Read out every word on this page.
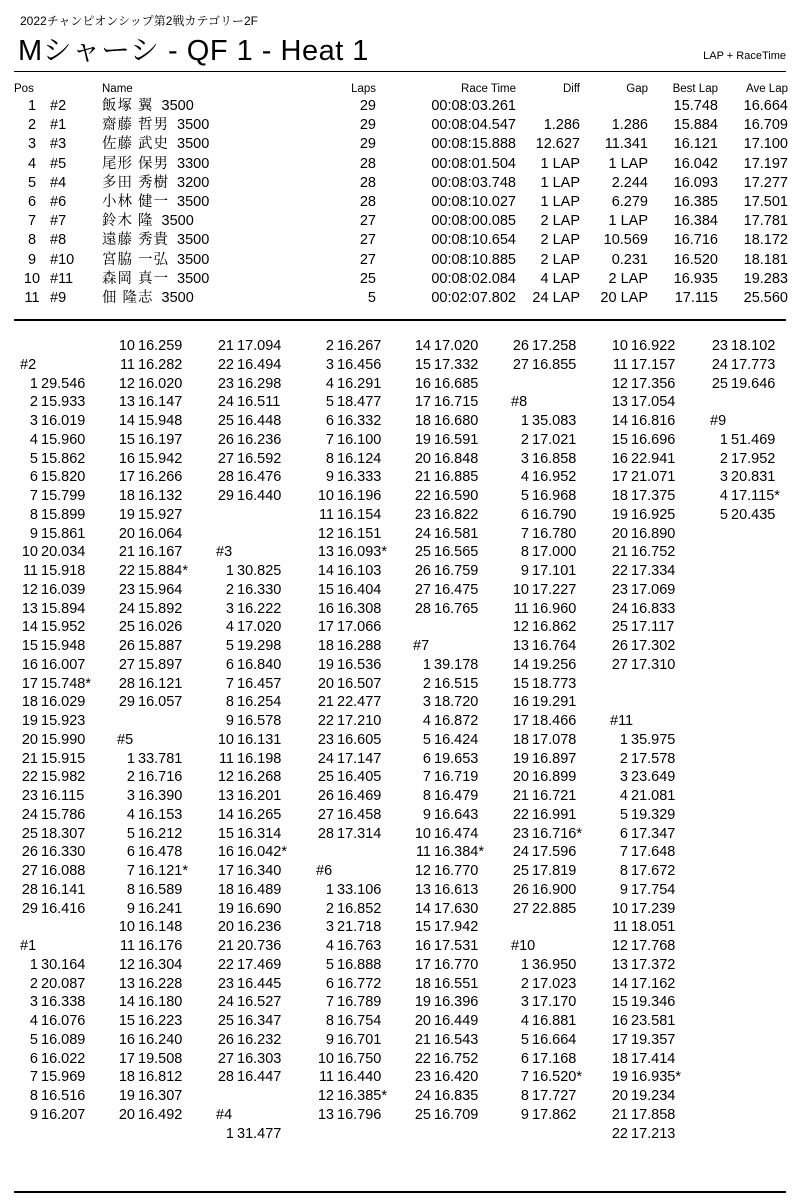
2022チャンピオンシップ第2戦カテゴリー2F
Mシャーシ - QF 1 - Heat 1	LAP + RaceTime
Pos		Name	Laps	Race Time	Diff	Gap	Best Lap	Ave Lap
1	#2	飯塚 翼 3500	29	00:08:03.261			15.748	16.664
2	#1	齋藤 哲男 3500	29	00:08:04.547	1.286	1.286	15.884	16.709
3	#3	佐藤 武史 3500	29	00:08:15.888	12.627	11.341	16.121	17.100
4	#5	尾形 保男 3300	28	00:08:01.504	1 LAP	1 LAP	16.042	17.197
5	#4	多田 秀樹 3200	28	00:08:03.748	1 LAP	2.244	16.093	17.277
6	#6	小林 健一 3500	28	00:08:10.027	1 LAP	6.279	16.385	17.501
7	#7	鈴木 隆 3500	27	00:08:00.085	2 LAP	1 LAP	16.384	17.781
8	#8	遠藤 秀貴 3500	27	00:08:10.654	2 LAP	10.569	16.716	18.172
9	#10	宮脇 一弘 3500	27	00:08:10.885	2 LAP	0.231	16.520	18.181
10	#11	森岡 真一 3500	25	00:08:02.084	4 LAP	2 LAP	16.935	19.283
11	#9	佃 隆志 3500	5	00:02:07.802	24 LAP	20 LAP	17.115	25.560

#2
1 29.546
2 15.933
3 16.019
4 15.960
5 15.862
6 15.820
7 15.799
8 15.899
9 15.861
10 20.034
11 15.918
12 16.039
13 15.894
14 15.952
15 15.948
16 16.007
17 15.748*
18 16.029
19 15.923
20 15.990
21 15.915
22 15.982
23 16.115
24 15.786
25 18.307
26 16.330
27 16.088
28 16.141
29 16.416

#1
1 30.164
2 20.087
3 16.338
4 16.076
5 16.089
6 16.022
7 15.969
8 16.516
9 16.207
10 16.259
11 16.282
12 16.020
13 16.147
14 15.948
15 16.197
16 15.942
17 16.266
18 16.132
19 15.927
20 16.064
21 16.167
22 15.884*
23 15.964
24 15.892
25 16.026
26 15.887
27 15.897
28 16.121
29 16.057

#5
1 33.781
2 16.716
3 16.390
4 16.153
5 16.212
6 16.478
7 16.121*
8 16.589
9 16.241
10 16.148
11 16.176
12 16.304
13 16.228
14 16.180
15 16.223
16 16.240
17 19.508
18 16.812
19 16.307
20 16.492
21 17.094
22 16.494
23 16.298
24 16.511
25 16.448
26 16.236
27 16.592
28 16.476
29 16.440

#3
1 30.825
2 16.330
3 16.222
4 17.020
5 19.298
6 16.840
7 16.457
8 16.254
9 16.578
10 16.131
11 16.198
12 16.268
13 16.201
14 16.265
15 16.314
16 16.042*
17 16.340
18 16.489
19 16.690
20 16.236
21 20.736
22 17.469
23 16.445
24 16.527
25 16.347
26 16.232
27 16.303
28 16.447

#4
1 31.477
2 16.267
3 16.456
4 16.291
5 18.477
6 16.332
7 16.100
8 16.124
9 16.333
10 16.196
11 16.154
12 16.151
13 16.093*
14 16.103
15 16.404
16 16.308
17 17.066
18 16.288
19 16.536
20 16.507
21 22.477
22 17.210
23 16.605
24 17.147
25 16.405
26 16.469
27 16.458
28 17.314

#6
1 33.106
2 16.852
3 21.718
4 16.763
5 16.888
6 16.772
7 16.789
8 16.754
9 16.701
10 16.750
11 16.440
12 16.385*
13 16.796
14 17.020
15 17.332
16 16.685
17 16.715
18 16.680
19 16.591
20 16.848
21 16.885
22 16.590
23 16.822
24 16.581
25 16.565
26 16.759
27 16.475
28 16.765

#7
1 39.178
2 16.515
3 18.720
4 16.872
5 16.424
6 19.653
7 16.719
8 16.479
9 16.643
10 16.474
11 16.384*
12 16.770
13 16.613
14 17.630
15 17.942
16 17.531
17 16.770
18 16.551
19 16.396
20 16.449
21 16.543
22 16.752
23 16.420
24 16.835
25 16.709
26 17.258
27 16.855

#8
1 35.083
2 17.021
3 16.858
4 16.952
5 16.968
6 16.790
7 16.780
8 17.000
9 17.101
10 17.227
11 16.960
12 16.862
13 16.764
14 19.256
15 18.773
16 19.291
17 18.466
18 17.078
19 16.897
20 16.899
21 16.721
22 16.991
23 16.716*
24 17.596
25 17.819
26 16.900
27 22.885

#10
1 36.950
2 17.023
3 17.170
4 16.881
5 16.664
6 17.168
7 16.520*
8 17.727
9 17.862
10 16.922
11 17.157
12 17.356
13 17.054
14 16.816
15 16.696
16 22.941
17 21.071
18 17.375
19 16.925
20 16.890
21 16.752
22 17.334
23 17.069
24 16.833
25 17.117
26 17.302
27 17.310

#11
1 35.975
2 17.578
3 23.649
4 21.081
5 19.329
6 17.347
7 17.648
8 17.672
9 17.754
10 17.239
11 18.051
12 17.768
13 17.372
14 17.162
15 19.346
16 23.581
17 19.357
18 17.414
19 16.935*
20 19.234
21 17.858
22 17.213
23 18.102
24 17.773
25 19.646

#9
1 51.469
2 17.952
3 20.831
4 17.115*
5 20.435
